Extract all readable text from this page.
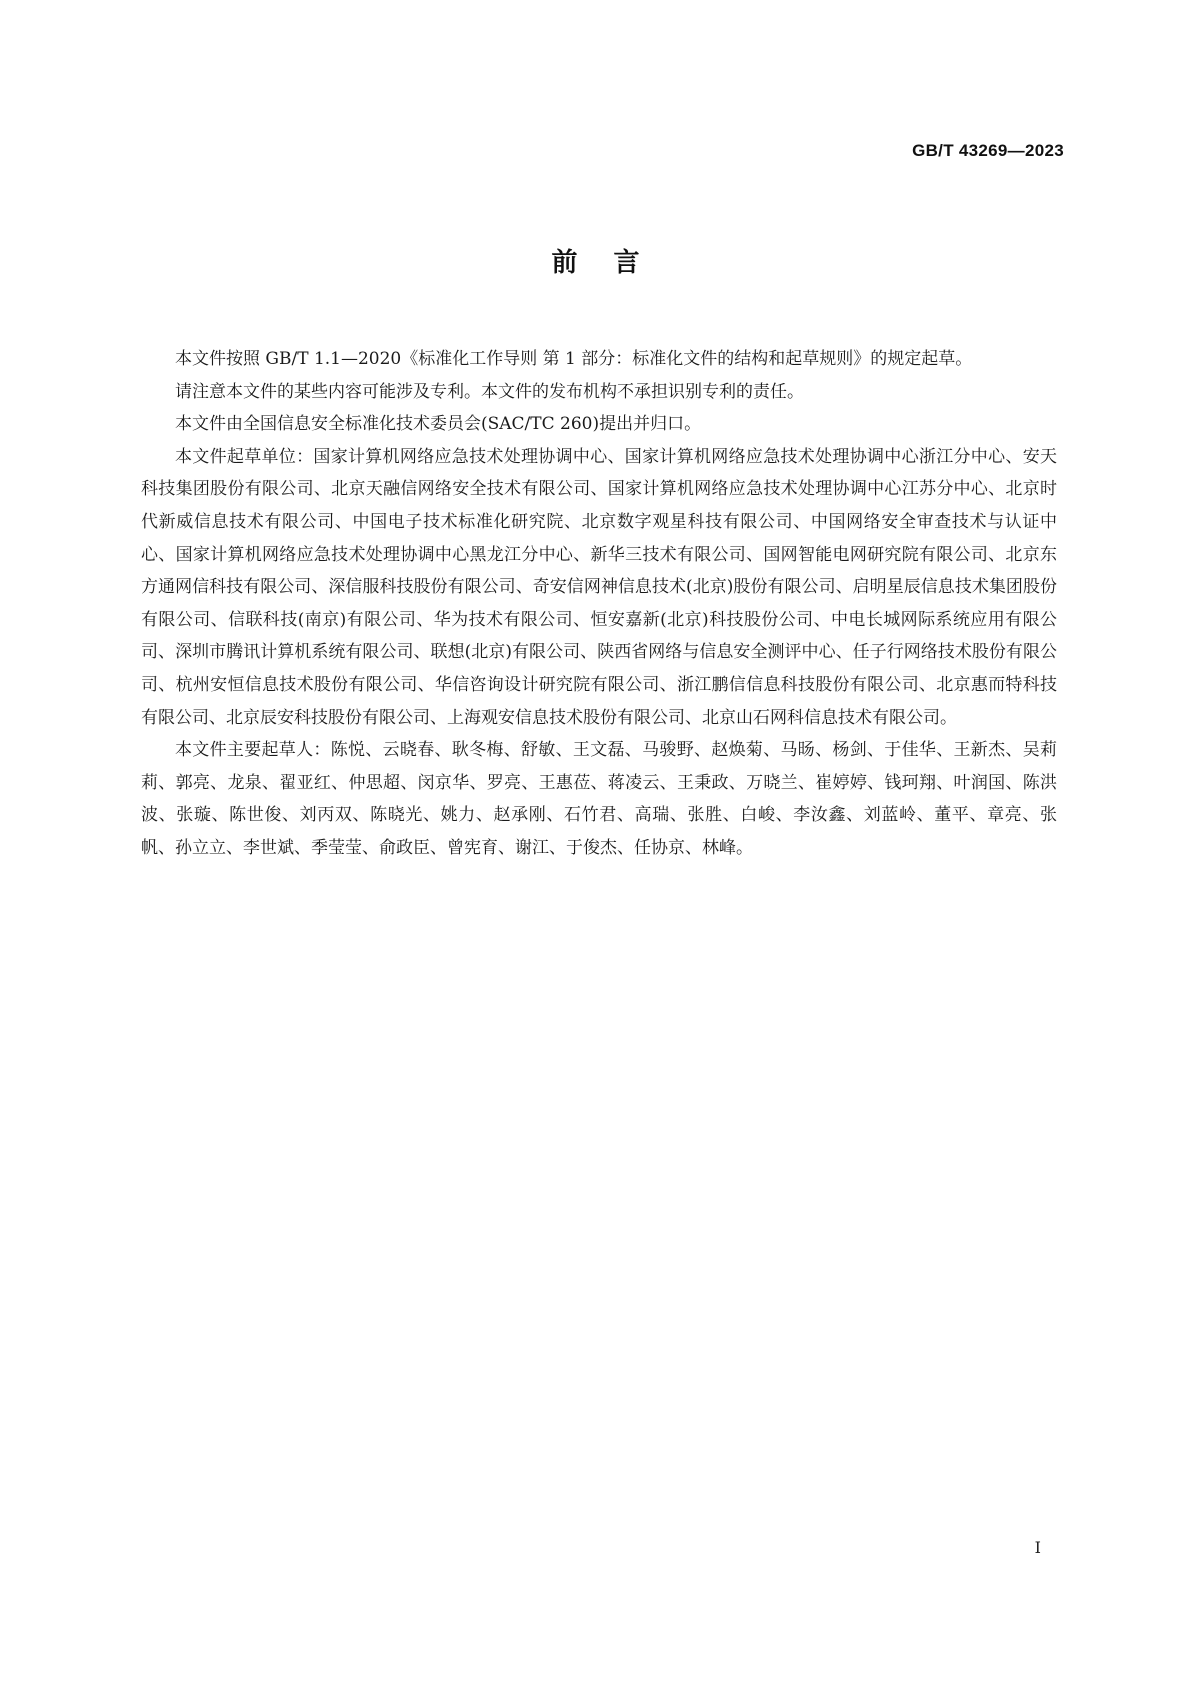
GB/T 43269—2023
前言

本文件按照 GB/T 1.1—2020《标准化工作导则 第 1 部分：标准化文件的结构和起草规则》的规定起草。

请注意本文件的某些内容可能涉及专利。本文件的发布机构不承担识别专利的责任。

本文件由全国信息安全标准化技术委员会(SAC/TC 260)提出并归口。

本文件起草单位：国家计算机网络应急技术处理协调中心、国家计算机网络应急技术处理协调中心浙江分中心、安天科技集团股份有限公司、北京天融信网络安全技术有限公司、国家计算机网络应急技术处理协调中心江苏分中心、北京时代新威信息技术有限公司、中国电子技术标准化研究院、北京数字观星科技有限公司、中国网络安全审查技术与认证中心、国家计算机网络应急技术处理协调中心黑龙江分中心、新华三技术有限公司、国网智能电网研究院有限公司、北京东方通网信科技有限公司、深信服科技股份有限公司、奇安信网神信息技术(北京)股份有限公司、启明星辰信息技术集团股份有限公司、信联科技(南京)有限公司、华为技术有限公司、恒安嘉新(北京)科技股份公司、中电长城网际系统应用有限公司、深圳市腾讯计算机系统有限公司、联想(北京)有限公司、陕西省网络与信息安全测评中心、任子行网络技术股份有限公司、杭州安恒信息技术股份有限公司、华信咨询设计研究院有限公司、浙江鹏信信息科技股份有限公司、北京惠而特科技有限公司、北京辰安科技股份有限公司、上海观安信息技术股份有限公司、北京山石网科信息技术有限公司。

本文件主要起草人：陈悦、云晓春、耿冬梅、舒敏、王文磊、马骏野、赵焕菊、马旸、杨剑、于佳华、王新杰、吴莉莉、郭亮、龙泉、翟亚红、仲思超、闵京华、罗亮、王惠莅、蒋凌云、王秉政、万晓兰、崔婷婷、钱珂翔、叶润国、陈洪波、张璇、陈世俊、刘丙双、陈晓光、姚力、赵承刚、石竹君、高瑞、张胜、白峻、李汝鑫、刘蓝岭、董平、章亮、张帆、孙立立、李世斌、季莹莹、俞政臣、曾宪育、谢江、于俊杰、任协京、林峰。

I
